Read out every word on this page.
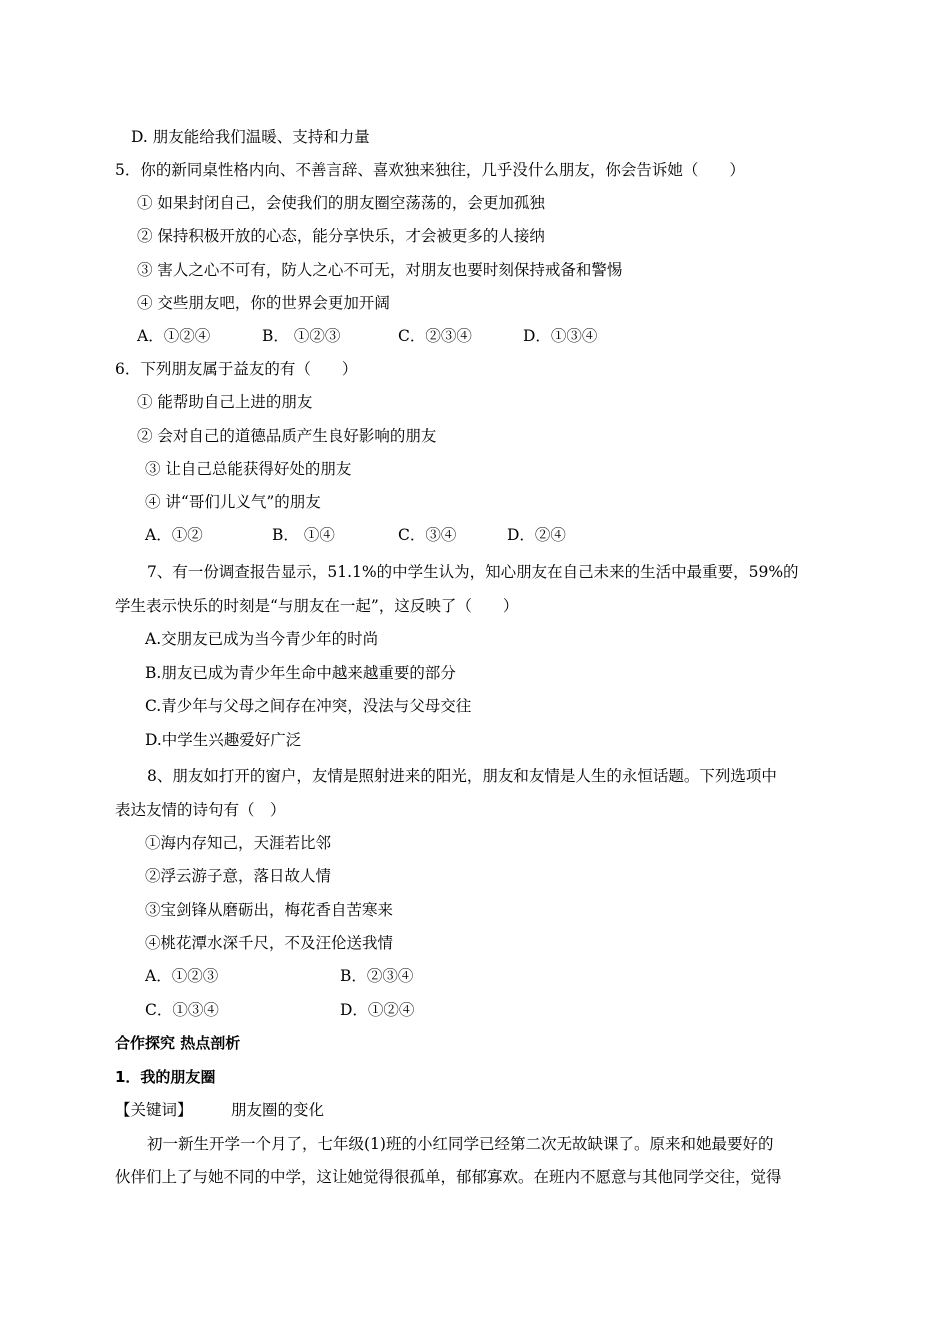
D. 朋友能给我们温暖、支持和力量
5．你的新同桌性格内向、不善言辞、喜欢独来独往，几乎没什么朋友，你会告诉她（　　）
① 如果封闭自己，会使我们的朋友圈空荡荡的，会更加孤独
② 保持积极开放的心态，能分享快乐，才会被更多的人接纳
③ 害人之心不可有，防人之心不可无，对朋友也要时刻保持戒备和警惕
④ 交些朋友吧，你的世界会更加开阔
A．①②④	B． ①②③	C．②③④	D．①③④
6．下列朋友属于益友的有（　　）
① 能帮助自己上进的朋友
② 会对自己的道德品质产生良好影响的朋友
③ 让自己总能获得好处的朋友
④ 讲“哥们儿义气”的朋友
A．①②	B． ①④	C．③④	D．②④
7、有一份调查报告显示，51.1%的中学生认为，知心朋友在自己未来的生活中最重要，59%的
学生表示快乐的时刻是“与朋友在一起”，这反映了（　　）
A.交朋友已成为当今青少年的时尚
B.朋友已成为青少年生命中越来越重要的部分
C.青少年与父母之间存在冲突，没法与父母交往
D.中学生兴趣爱好广泛
8、朋友如打开的窗户，友情是照射进来的阳光，朋友和友情是人生的永恒话题。下列选项中
表达友情的诗句有（　）
①海内存知己，天涯若比邻
②浮云游子意，落日故人情
③宝剑锋从磨砺出，梅花香自苦寒来
④桃花潭水深千尺，不及汪伦送我情
A．①②③	B．②③④
C．①③④	D．①②④
合作探究 热点剖析
1．我的朋友圈
【关键词】 朋友圈的变化
初一新生开学一个月了，七年级(1)班的小红同学已经第二次无故缺课了。原来和她最要好的
伙伴们上了与她不同的中学，这让她觉得很孤单，郁郁寡欢。在班内不愿意与其他同学交往，觉得
